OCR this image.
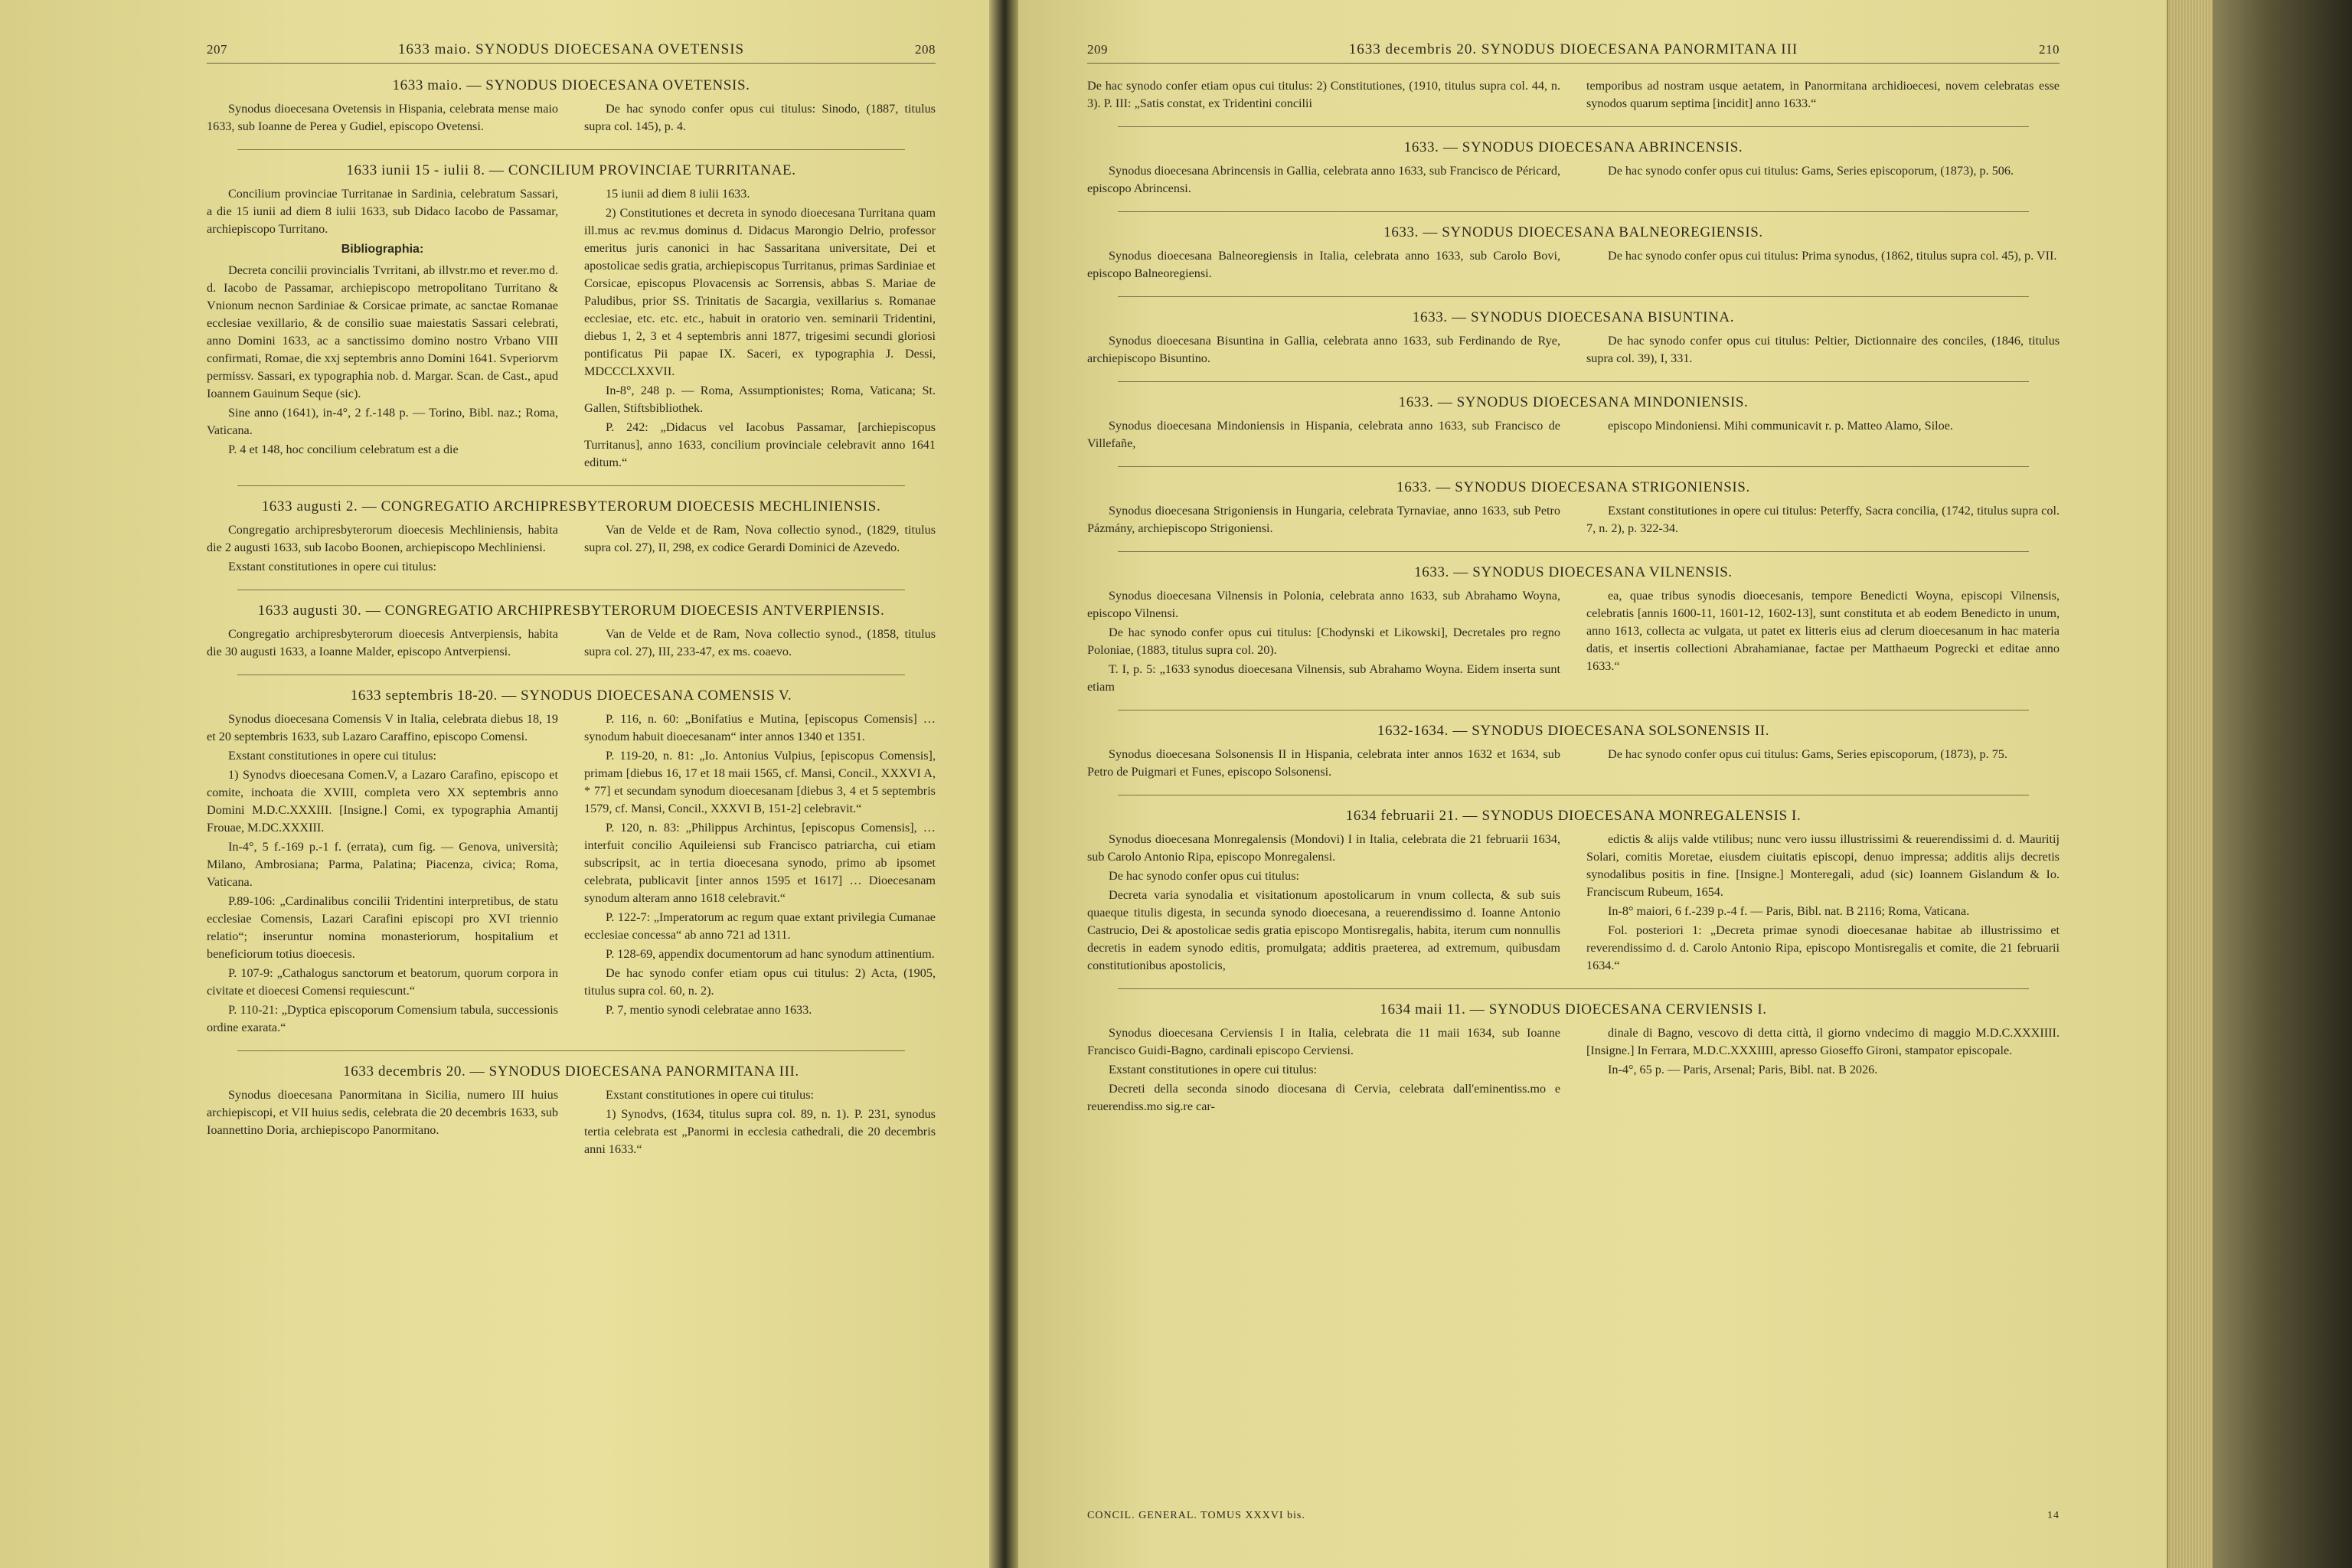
207	1633 maio. SYNODUS DIOECESANA OVETENSIS	208
1633 maio. — SYNODUS DIOECESANA OVETENSIS.

Synodus dioecesana Ovetensis in Hispania, celebrata mense maio 1633, sub Ioanne de Perea y Gudiel, episcopo Ovetensi.

De hac synodo confer opus cui titulus: Sinodo, (1887, titulus supra col. 145), p. 4.

1633 iunii 15 - iulii 8. — CONCILIUM PROVINCIAE TURRITANAE.

Concilium provinciae Turritanae in Sardinia, celebratum Sassari, a die 15 iunii ad diem 8 iulii 1633, sub Didaco Iacobo de Passamar, archiepiscopo Turritano.

Bibliographia:

Decreta concilii provincialis Tvrritani, ab illvstr.mo et rever.mo d. d. Iacobo de Passamar, archiepiscopo metropolitano Turritano & Vnionum necnon Sardiniae & Corsicae primate, ac sanctae Romanae ecclesiae vexillario, & de consilio suae maiestatis Sassari celebrati, anno Domini 1633, ac a sanctissimo domino nostro Vrbano VIII confirmati, Romae, die xxj septembris anno Domini 1641. Svperiorvm permissv. Sassari, ex typographia nob. d. Margar. Scan. de Cast., apud Ioannem Gauinum Seque (sic).

Sine anno (1641), in-4°, 2 f.-148 p. — Torino, Bibl. naz.; Roma, Vaticana.

P. 4 et 148, hoc concilium celebratum est a die

15 iunii ad diem 8 iulii 1633.

2) Constitutiones et decreta in synodo dioecesana Turritana quam ill.mus ac rev.mus dominus d. Didacus Marongio Delrio, professor emeritus juris canonici in hac Sassaritana universitate, Dei et apostolicae sedis gratia, archiepiscopus Turritanus, primas Sardiniae et Corsicae, episcopus Plovacensis ac Sorrensis, abbas S. Mariae de Paludibus, prior SS. Trinitatis de Sacargia, vexillarius s. Romanae ecclesiae, etc. etc. etc., habuit in oratorio ven. seminarii Tridentini, diebus 1, 2, 3 et 4 septembris anni 1877, trigesimi secundi gloriosi pontificatus Pii papae IX. Saceri, ex typographia J. Dessi, MDCCCLXXVII.

In-8°, 248 p. — Roma, Assumptionistes; Roma, Vaticana; St. Gallen, Stiftsbibliothek.

P. 242: „Didacus vel Iacobus Passamar, [archiepiscopus Turritanus], anno 1633, concilium provinciale celebravit anno 1641 editum.“

1633 augusti 2. — CONGREGATIO ARCHIPRESBYTERORUM DIOECESIS MECHLINIENSIS.

Congregatio archipresbyterorum dioecesis Mechliniensis, habita die 2 augusti 1633, sub Iacobo Boonen, archiepiscopo Mechliniensi.

Exstant constitutiones in opere cui titulus:

Van de Velde et de Ram, Nova collectio synod., (1829, titulus supra col. 27), II, 298, ex codice Gerardi Dominici de Azevedo.

1633 augusti 30. — CONGREGATIO ARCHIPRESBYTERORUM DIOECESIS ANTVERPIENSIS.

Congregatio archipresbyterorum dioecesis Antverpiensis, habita die 30 augusti 1633, a Ioanne Malder, episcopo Antverpiensi.

Van de Velde et de Ram, Nova collectio synod., (1858, titulus supra col. 27), III, 233-47, ex ms. coaevo.

1633 septembris 18-20. — SYNODUS DIOECESANA COMENSIS V.

Synodus dioecesana Comensis V in Italia, celebrata diebus 18, 19 et 20 septembris 1633, sub Lazaro Caraffino, episcopo Comensi.

Exstant constitutiones in opere cui titulus:

1) Synodvs dioecesana Comen.V, a Lazaro Carafino, episcopo et comite, inchoata die XVIII, completa vero XX septembris anno Domini M.D.C.XXXIII. [Insigne.] Comi, ex typographia Amantij Frouae, M.DC.XXXIII.

In-4°, 5 f.-169 p.-1 f. (errata), cum fig. — Genova, università; Milano, Ambrosiana; Parma, Palatina; Piacenza, civica; Roma, Vaticana.

P.89-106: „Cardinalibus concilii Tridentini interpretibus, de statu ecclesiae Comensis, Lazari Carafini episcopi pro XVI triennio relatio“; inseruntur nomina monasteriorum, hospitalium et beneficiorum totius dioecesis.

P. 107-9: „Cathalogus sanctorum et beatorum, quorum corpora in civitate et dioecesi Comensi requiescunt.“

P. 110-21: „Dyptica episcoporum Comensium tabula, successionis ordine exarata.“

P. 116, n. 60: „Bonifatius e Mutina, [episcopus Comensis] … synodum habuit dioecesanam“ inter annos 1340 et 1351.

P. 119-20, n. 81: „Io. Antonius Vulpius, [episcopus Comensis], primam [diebus 16, 17 et 18 maii 1565, cf. Mansi, Concil., XXXVI A, * 77] et secundam synodum dioecesanam [diebus 3, 4 et 5 septembris 1579, cf. Mansi, Concil., XXXVI B, 151-2] celebravit.“

P. 120, n. 83: „Philippus Archintus, [episcopus Comensis], … interfuit concilio Aquileiensi sub Francisco patriarcha, cui etiam subscripsit, ac in tertia dioecesana synodo, primo ab ipsomet celebrata, publicavit [inter annos 1595 et 1617] … Dioecesanam synodum alteram anno 1618 celebravit.“

P. 122-7: „Imperatorum ac regum quae extant privilegia Cumanae ecclesiae concessa“ ab anno 721 ad 1311.

P. 128-69, appendix documentorum ad hanc synodum attinentium.

De hac synodo confer etiam opus cui titulus: 2) Acta, (1905, titulus supra col. 60, n. 2).

P. 7, mentio synodi celebratae anno 1633.

1633 decembris 20. — SYNODUS DIOECESANA PANORMITANA III.

Synodus dioecesana Panormitana in Sicilia, numero III huius archiepiscopi, et VII huius sedis, celebrata die 20 decembris 1633, sub Ioannettino Doria, archiepiscopo Panormitano.

Exstant constitutiones in opere cui titulus:

1) Synodvs, (1634, titulus supra col. 89, n. 1). P. 231, synodus tertia celebrata est „Panormi in ecclesia cathedrali, die 20 decembris anni 1633.“

209	1633 decembris 20. SYNODUS DIOECESANA PANORMITANA III	210

De hac synodo confer etiam opus cui titulus: 2) Constitutiones, (1910, titulus supra col. 44, n. 3). P. III: „Satis constat, ex Tridentini concilii

temporibus ad nostram usque aetatem, in Panormitana archidioecesi, novem celebratas esse synodos quarum septima [incidit] anno 1633.“

1633. — SYNODUS DIOECESANA ABRINCENSIS.

Synodus dioecesana Abrincensis in Gallia, celebrata anno 1633, sub Francisco de Péricard, episcopo Abrincensi.

De hac synodo confer opus cui titulus: Gams, Series episcoporum, (1873), p. 506.

1633. — SYNODUS DIOECESANA BALNEOREGIENSIS.

Synodus dioecesana Balneoregiensis in Italia, celebrata anno 1633, sub Carolo Bovi, episcopo Balneoregiensi.

De hac synodo confer opus cui titulus: Prima synodus, (1862, titulus supra col. 45), p. VII.

1633. — SYNODUS DIOECESANA BISUNTINA.

Synodus dioecesana Bisuntina in Gallia, celebrata anno 1633, sub Ferdinando de Rye, archiepiscopo Bisuntino.

De hac synodo confer opus cui titulus: Peltier, Dictionnaire des conciles, (1846, titulus supra col. 39), I, 331.

1633. — SYNODUS DIOECESANA MINDONIENSIS.

Synodus dioecesana Mindoniensis in Hispania, celebrata anno 1633, sub Francisco de Villefañe,

episcopo Mindoniensi. Mihi communicavit r. p. Matteo Alamo, Siloe.

1633. — SYNODUS DIOECESANA STRIGONIENSIS.

Synodus dioecesana Strigoniensis in Hungaria, celebrata Tyrnaviae, anno 1633, sub Petro Pázmány, archiepiscopo Strigoniensi.

Exstant constitutiones in opere cui titulus: Peterffy, Sacra concilia, (1742, titulus supra col. 7, n. 2), p. 322-34.

1633. — SYNODUS DIOECESANA VILNENSIS.

Synodus dioecesana Vilnensis in Polonia, celebrata anno 1633, sub Abrahamo Woyna, episcopo Vilnensi.

De hac synodo confer opus cui titulus: [Chodynski et Likowski], Decretales pro regno Poloniae, (1883, titulus supra col. 20).

T. I, p. 5: „1633 synodus dioecesana Vilnensis, sub Abrahamo Woyna. Eidem inserta sunt etiam

ea, quae tribus synodis dioecesanis, tempore Benedicti Woyna, episcopi Vilnensis, celebratis [annis 1600-11, 1601-12, 1602-13], sunt constituta et ab eodem Benedicto in unum, anno 1613, collecta ac vulgata, ut patet ex litteris eius ad clerum dioecesanum in hac materia datis, et insertis collectioni Abrahamianae, factae per Matthaeum Pogrecki et editae anno 1633.“

1632-1634. — SYNODUS DIOECESANA SOLSONENSIS II.

Synodus dioecesana Solsonensis II in Hispania, celebrata inter annos 1632 et 1634, sub Petro de Puigmari et Funes, episcopo Solsonensi.

De hac synodo confer opus cui titulus: Gams, Series episcoporum, (1873), p. 75.

1634 februarii 21. — SYNODUS DIOECESANA MONREGALENSIS I.

Synodus dioecesana Monregalensis (Mondovi) I in Italia, celebrata die 21 februarii 1634, sub Carolo Antonio Ripa, episcopo Monregalensi.

De hac synodo confer opus cui titulus:

Decreta varia synodalia et visitationum apostolicarum in vnum collecta, & sub suis quaeque titulis digesta, in secunda synodo dioecesana, a reuerendissimo d. Ioanne Antonio Castrucio, Dei & apostolicae sedis gratia episcopo Montisregalis, habita, iterum cum nonnullis decretis in eadem synodo editis, promulgata; additis praeterea, ad extremum, quibusdam constitutionibus apostolicis,

edictis & alijs valde vtilibus; nunc vero iussu illustrissimi & reuerendissimi d. d. Mauritij Solari, comitis Moretae, eiusdem ciuitatis episcopi, denuo impressa; additis alijs decretis synodalibus positis in fine. [Insigne.] Monteregali, adud (sic) Ioannem Gislandum & Io. Franciscum Rubeum, 1654.

In-8° maiori, 6 f.-239 p.-4 f. — Paris, Bibl. nat. B 2116; Roma, Vaticana.

Fol. posteriori 1: „Decreta primae synodi dioecesanae habitae ab illustrissimo et reverendissimo d. d. Carolo Antonio Ripa, episcopo Montisregalis et comite, die 21 februarii 1634.“

1634 maii 11. — SYNODUS DIOECESANA CERVIENSIS I.

Synodus dioecesana Cerviensis I in Italia, celebrata die 11 maii 1634, sub Ioanne Francisco Guidi-Bagno, cardinali episcopo Cerviensi.

Exstant constitutiones in opere cui titulus:

Decreti della seconda sinodo diocesana di Cervia, celebrata dall'eminentiss.mo e reuerendiss.mo sig.re car-

dinale di Bagno, vescovo di detta città, il giorno vndecimo di maggio M.D.C.XXXIIII. [Insigne.] In Ferrara, M.D.C.XXXIIII, apresso Gioseffo Gironi, stampator episcopale.

In-4°, 65 p. — Paris, Arsenal; Paris, Bibl. nat. B 2026.

CONCIL. GENERAL. TOMUS XXXVI bis.	14
